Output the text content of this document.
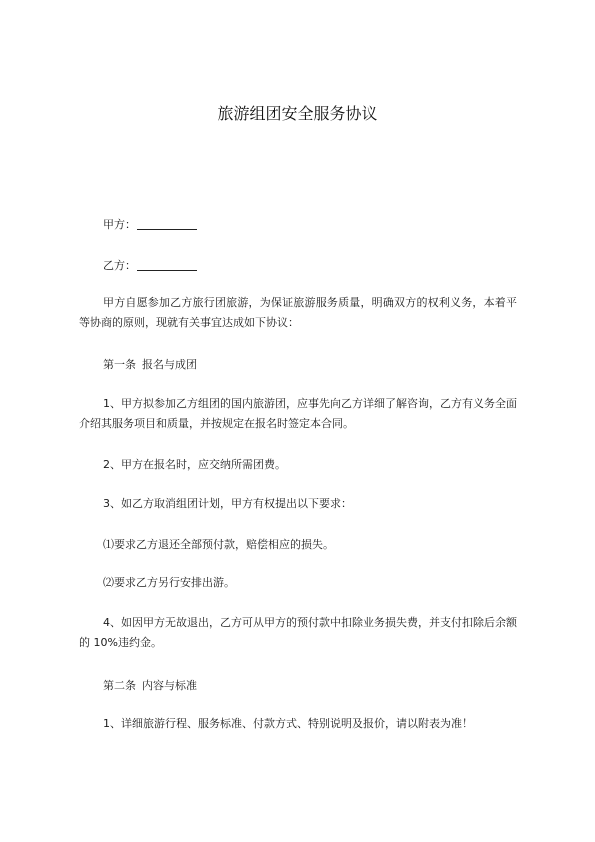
旅游组团安全服务协议
甲方：
乙方：
甲方自愿参加乙方旅行团旅游，为保证旅游服务质量，明确双方的权利义务，本着平等协商的原则，现就有关事宜达成如下协议：
第一条 报名与成团
1、甲方拟参加乙方组团的国内旅游团，应事先向乙方详细了解咨询，乙方有义务全面介绍其服务项目和质量，并按规定在报名时签定本合同。
2、甲方在报名时，应交纳所需团费。
3、如乙方取消组团计划，甲方有权提出以下要求：
⑴要求乙方退还全部预付款，赔偿相应的损失。
⑵要求乙方另行安排出游。
4、如因甲方无故退出，乙方可从甲方的预付款中扣除业务损失费，并支付扣除后余额的 10%违约金。
第二条 内容与标准
1、详细旅游行程、服务标准、付款方式、特别说明及报价，请以附表为准！
